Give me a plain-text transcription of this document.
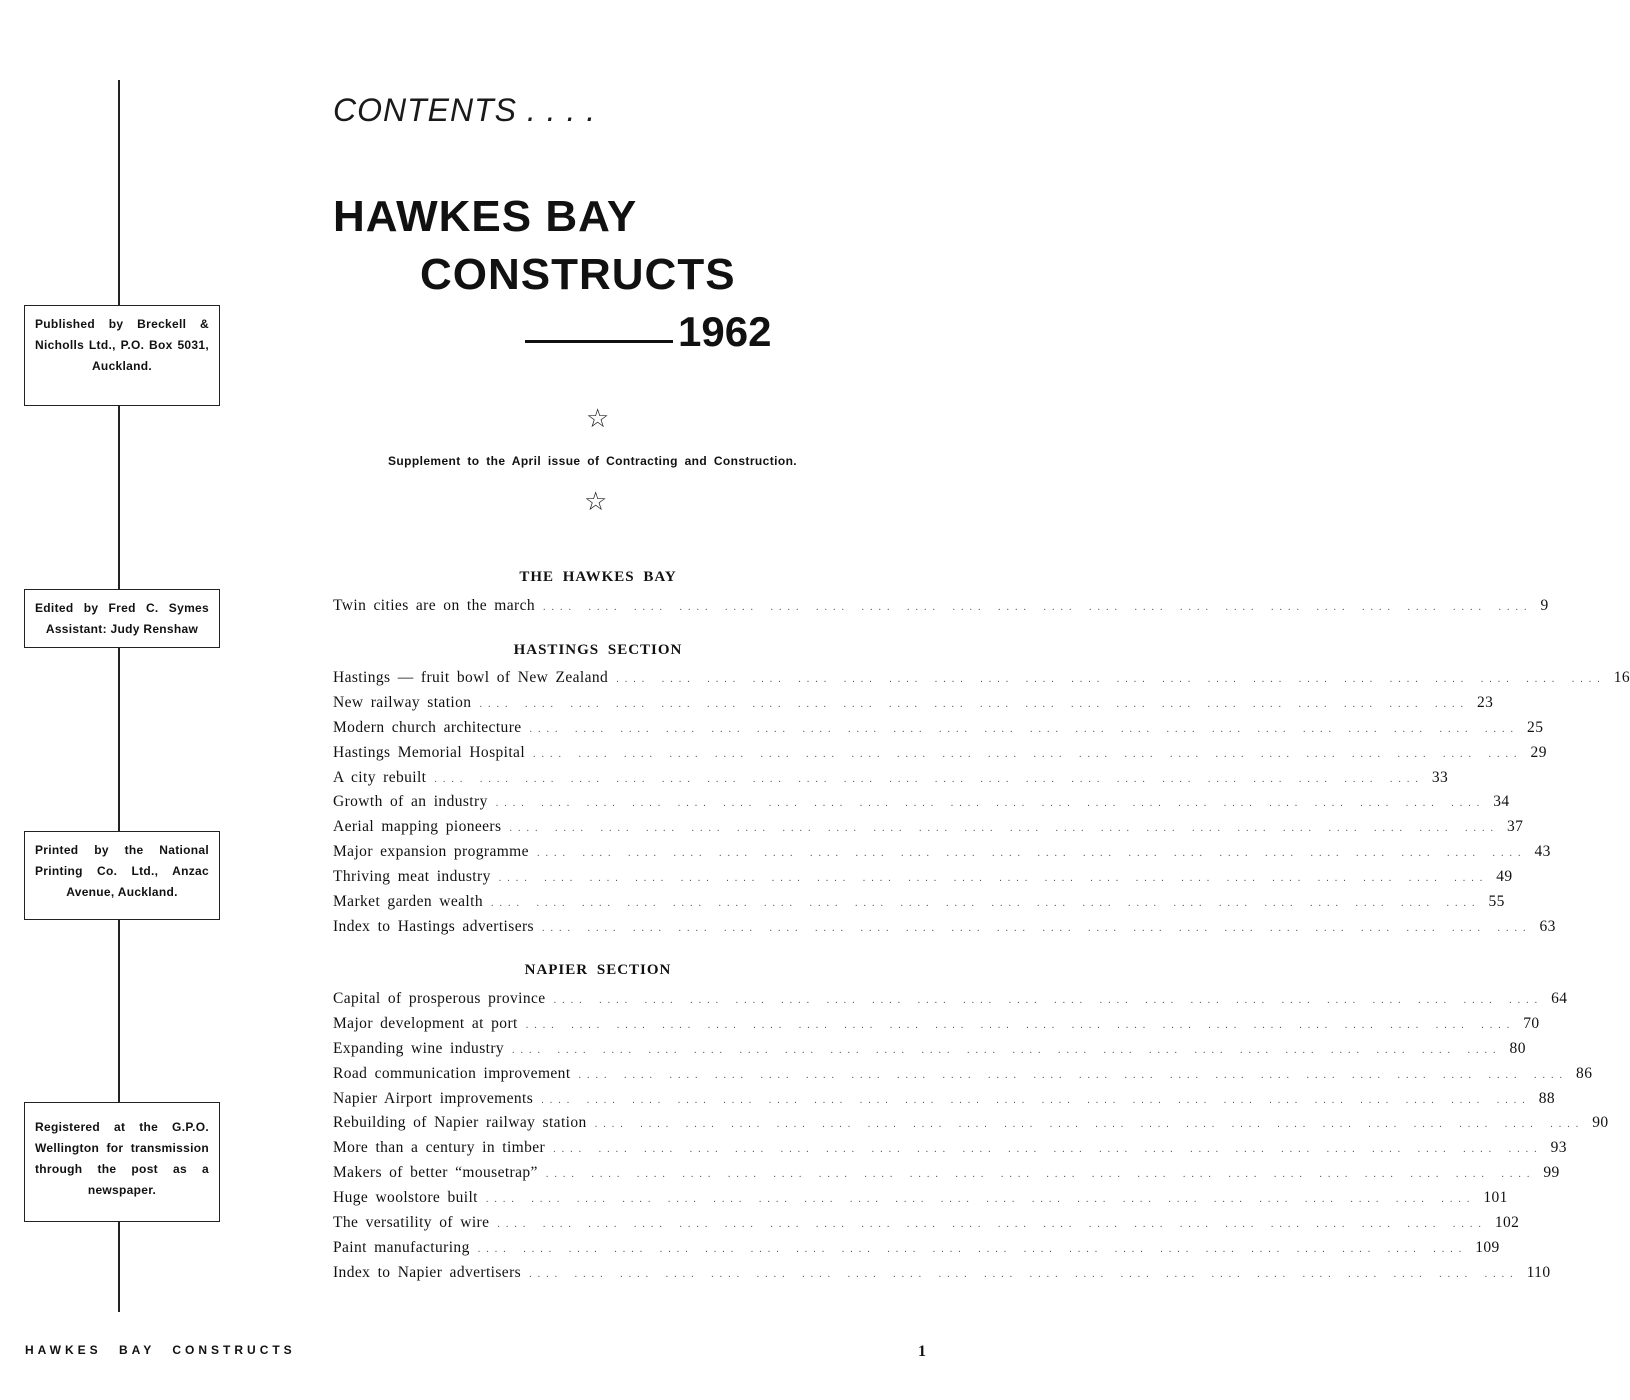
Published by Breckell & Nicholls Ltd., P.O. Box 5031, Auckland.
Edited by Fred C. Symes Assistant: Judy Renshaw
Printed by the National Printing Co. Ltd., Anzac Avenue, Auckland.
Registered at the G.P.O. Wellington for transmission through the post as a newspaper.
CONTENTS . . . .
HAWKES BAY
CONSTRUCTS
1962
☆
Supplement to the April issue of Contracting and Construction.
☆
THE HAWKES BAY
Twin cities are on the march .... .... .... .... .... .... .... .... .... .... .... .... .... .... .... .... .... .... .... .... .... .... 9
HASTINGS SECTION
Hastings — fruit bowl of New Zealand .... .... .... .... .... .... .... .... .... .... .... .... .... .... .... .... .... .... .... .... .... .... 16
New railway station .... .... .... .... .... .... .... .... .... .... .... .... .... .... .... .... .... .... .... .... .... .... 23
Modern church architecture .... .... .... .... .... .... .... .... .... .... .... .... .... .... .... .... .... .... .... .... .... .... 25
Hastings Memorial Hospital .... .... .... .... .... .... .... .... .... .... .... .... .... .... .... .... .... .... .... .... .... .... 29
A city rebuilt .... .... .... .... .... .... .... .... .... .... .... .... .... .... .... .... .... .... .... .... .... .... 33
Growth of an industry .... .... .... .... .... .... .... .... .... .... .... .... .... .... .... .... .... .... .... .... .... .... 34
Aerial mapping pioneers .... .... .... .... .... .... .... .... .... .... .... .... .... .... .... .... .... .... .... .... .... .... 37
Major expansion programme .... .... .... .... .... .... .... .... .... .... .... .... .... .... .... .... .... .... .... .... .... .... 43
Thriving meat industry .... .... .... .... .... .... .... .... .... .... .... .... .... .... .... .... .... .... .... .... .... .... 49
Market garden wealth .... .... .... .... .... .... .... .... .... .... .... .... .... .... .... .... .... .... .... .... .... .... 55
Index to Hastings advertisers .... .... .... .... .... .... .... .... .... .... .... .... .... .... .... .... .... .... .... .... .... .... 63
NAPIER SECTION
Capital of prosperous province .... .... .... .... .... .... .... .... .... .... .... .... .... .... .... .... .... .... .... .... .... .... 64
Major development at port .... .... .... .... .... .... .... .... .... .... .... .... .... .... .... .... .... .... .... .... .... .... 70
Expanding wine industry .... .... .... .... .... .... .... .... .... .... .... .... .... .... .... .... .... .... .... .... .... .... 80
Road communication improvement .... .... .... .... .... .... .... .... .... .... .... .... .... .... .... .... .... .... .... .... .... .... 86
Napier Airport improvements .... .... .... .... .... .... .... .... .... .... .... .... .... .... .... .... .... .... .... .... .... .... 88
Rebuilding of Napier railway station .... .... .... .... .... .... .... .... .... .... .... .... .... .... .... .... .... .... .... .... .... .... 90
More than a century in timber .... .... .... .... .... .... .... .... .... .... .... .... .... .... .... .... .... .... .... .... .... .... 93
Makers of better “mousetrap” .... .... .... .... .... .... .... .... .... .... .... .... .... .... .... .... .... .... .... .... .... .... 99
Huge woolstore built .... .... .... .... .... .... .... .... .... .... .... .... .... .... .... .... .... .... .... .... .... .... 101
The versatility of wire .... .... .... .... .... .... .... .... .... .... .... .... .... .... .... .... .... .... .... .... .... .... 102
Paint manufacturing .... .... .... .... .... .... .... .... .... .... .... .... .... .... .... .... .... .... .... .... .... .... 109
Index to Napier advertisers .... .... .... .... .... .... .... .... .... .... .... .... .... .... .... .... .... .... .... .... .... .... 110
HAWKES BAY CONSTRUCTS	1
